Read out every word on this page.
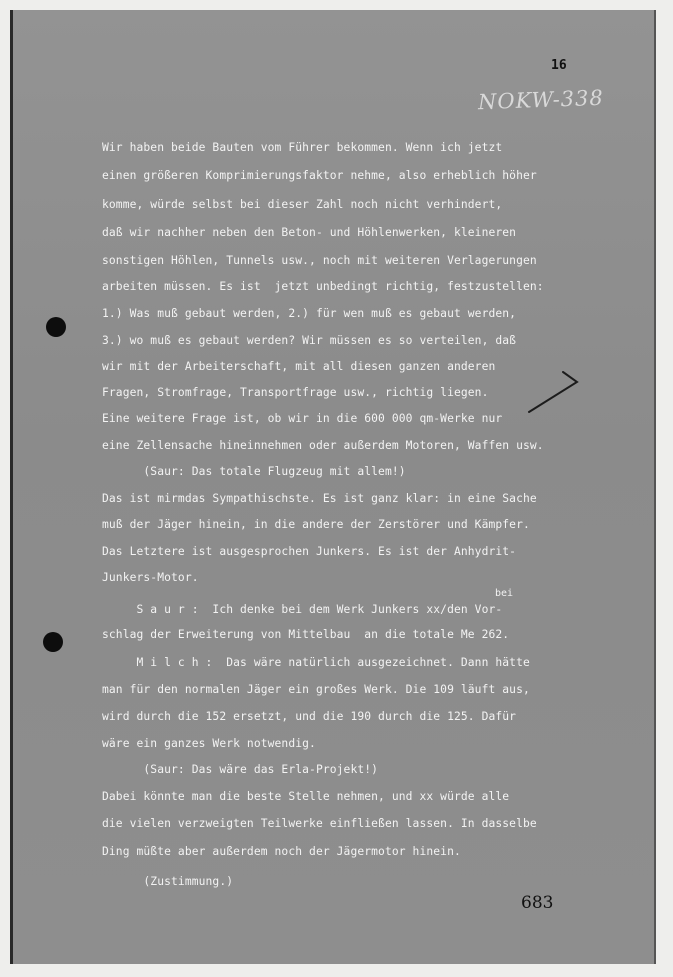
16
NOKW-338
Wir haben beide Bauten vom Führer bekommen. Wenn ich jetzt
einen größeren Komprimierungsfaktor nehme, also erheblich höher
komme, würde selbst bei dieser Zahl noch nicht verhindert,
daß wir nachher neben den Beton- und Höhlenwerken, kleineren
sonstigen Höhlen, Tunnels usw., noch mit weiteren Verlagerungen
arbeiten müssen. Es ist  jetzt unbedingt richtig, festzustellen:
1.) Was muß gebaut werden, 2.) für wen muß es gebaut werden,
3.) wo muß es gebaut werden? Wir müssen es so verteilen, daß
wir mit der Arbeiterschaft, mit all diesen ganzen anderen
Fragen, Stromfrage, Transportfrage usw., richtig liegen.
Eine weitere Frage ist, ob wir in die 600 000 qm-Werke nur
eine Zellensache hineinnehmen oder außerdem Motoren, Waffen usw.
(Saur: Das totale Flugzeug mit allem!)
Das ist mirmdas Sympathischste. Es ist ganz klar: in eine Sache
muß der Jäger hinein, in die andere der Zerstörer und Kämpfer.
Das Letztere ist ausgesprochen Junkers. Es ist der Anhydrit-
Junkers-Motor.
bei
S a u r :  Ich denke bei dem Werk Junkers xx/den Vor-
schlag der Erweiterung von Mittelbau  an die totale Me 262.
M i l c h :  Das wäre natürlich ausgezeichnet. Dann hätte
man für den normalen Jäger ein großes Werk. Die 109 läuft aus,
wird durch die 152 ersetzt, und die 190 durch die 125. Dafür
wäre ein ganzes Werk notwendig.
(Saur: Das wäre das Erla-Projekt!)
Dabei könnte man die beste Stelle nehmen, und xx würde alle
die vielen verzweigten Teilwerke einfließen lassen. In dasselbe
Ding müßte aber außerdem noch der Jägermotor hinein.
(Zustimmung.)
683
